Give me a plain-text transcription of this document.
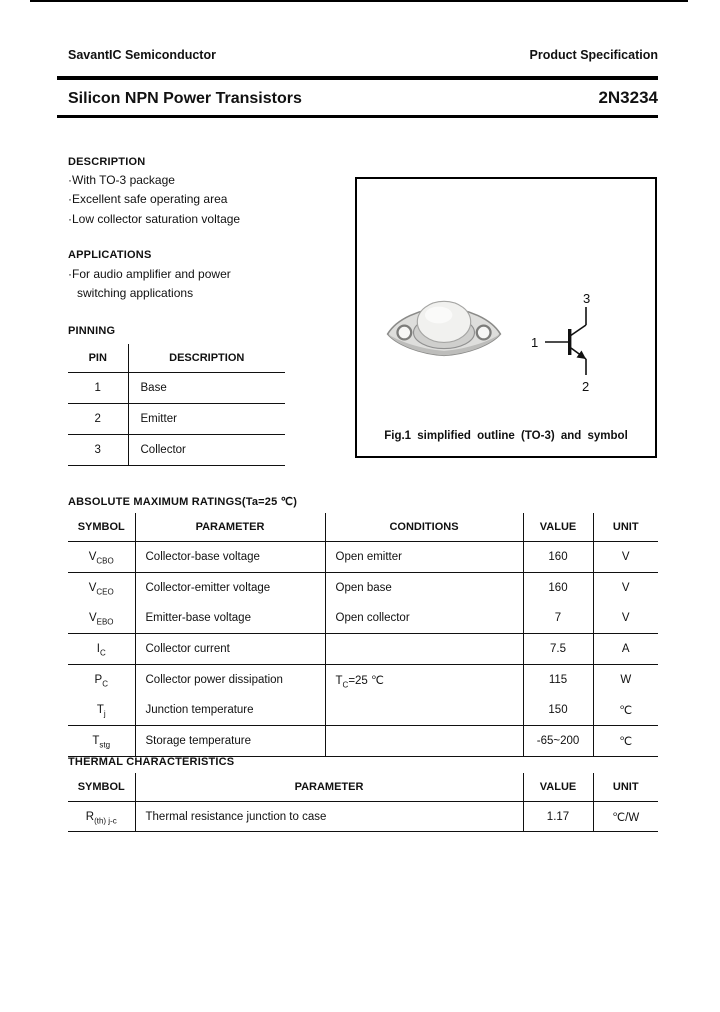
SavantIC Semiconductor	Product Specification
Silicon NPN Power Transistors	2N3234
DESCRIPTION
·With TO-3 package
·Excellent safe operating area
·Low collector saturation voltage
APPLICATIONS
·For audio amplifier and power
switching applications
PINNING
PIN	DESCRIPTION
1	Base
2	Emitter
3	Collector
3
1
2
Fig.1 simplified outline (TO-3) and symbol
ABSOLUTE MAXIMUM RATINGS(Ta=25 ℃)
SYMBOL	PARAMETER	CONDITIONS	VALUE	UNIT
$V_{CBO}$	Collector-base voltage	Open emitter	160	V
$V_{CEO}$	Collector-emitter voltage	Open base	160	V
$V_{EBO}$	Emitter-base voltage	Open collector	7	V
$I_C$	Collector current		7.5	A
$P_C$	Collector power dissipation	$T_C=25$ ℃	115	W
$T_j$	Junction temperature		150	℃
$T_{stg}$	Storage temperature		-65~200	℃
THERMAL CHARACTERISTICS
SYMBOL	PARAMETER	VALUE	UNIT
$R_{(th) j-c}$	Thermal resistance junction to case	1.17	℃/W
